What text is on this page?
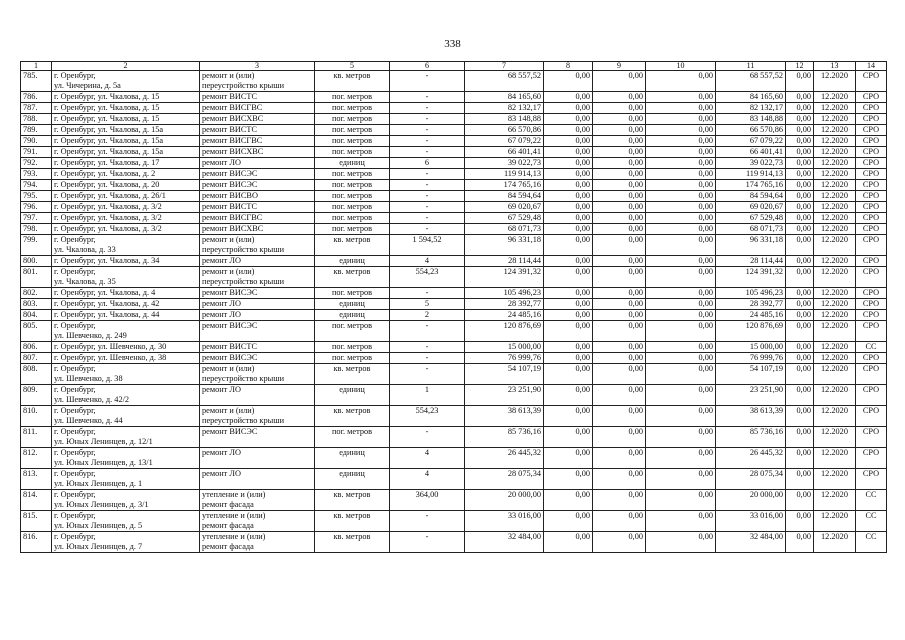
338
1	2	3	5	6	7	8	9	10	11	12	13	14
785.	г. Оренбург,
ул. Чичерина, д. 5а	ремонт и (или)
переустройство крыши	кв. метров	-	68 557,52	0,00	0,00	0,00	68 557,52	0,00	12.2020	СРО
786.	г. Оренбург, ул. Чкалова, д. 15	ремонт ВИСТС	пог. метров	-	84 165,60	0,00	0,00	0,00	84 165,60	0,00	12.2020	СРО
787.	г. Оренбург, ул. Чкалова, д. 15	ремонт ВИСГВС	пог. метров	-	82 132,17	0,00	0,00	0,00	82 132,17	0,00	12.2020	СРО
788.	г. Оренбург, ул. Чкалова, д. 15	ремонт ВИСХВС	пог. метров	-	83 148,88	0,00	0,00	0,00	83 148,88	0,00	12.2020	СРО
789.	г. Оренбург, ул. Чкалова, д. 15а	ремонт ВИСТС	пог. метров	-	66 570,86	0,00	0,00	0,00	66 570,86	0,00	12.2020	СРО
790.	г. Оренбург, ул. Чкалова, д. 15а	ремонт ВИСГВС	пог. метров	-	67 079,22	0,00	0,00	0,00	67 079,22	0,00	12.2020	СРО
791.	г. Оренбург, ул. Чкалова, д. 15а	ремонт ВИСХВС	пог. метров	-	66 401,41	0,00	0,00	0,00	66 401,41	0,00	12.2020	СРО
792.	г. Оренбург, ул. Чкалова, д. 17	ремонт ЛО	единиц	6	39 022,73	0,00	0,00	0,00	39 022,73	0,00	12.2020	СРО
793.	г. Оренбург, ул. Чкалова, д. 2	ремонт ВИСЭС	пог. метров	-	119 914,13	0,00	0,00	0,00	119 914,13	0,00	12.2020	СРО
794.	г. Оренбург, ул. Чкалова, д. 20	ремонт ВИСЭС	пог. метров	-	174 765,16	0,00	0,00	0,00	174 765,16	0,00	12.2020	СРО
795.	г. Оренбург, ул. Чкалова, д. 26/1	ремонт ВИСВО	пог. метров	-	84 594,64	0,00	0,00	0,00	84 594,64	0,00	12.2020	СРО
796.	г. Оренбург, ул. Чкалова, д. 3/2	ремонт ВИСТС	пог. метров	-	69 020,67	0,00	0,00	0,00	69 020,67	0,00	12.2020	СРО
797.	г. Оренбург, ул. Чкалова, д. 3/2	ремонт ВИСГВС	пог. метров	-	67 529,48	0,00	0,00	0,00	67 529,48	0,00	12.2020	СРО
798.	г. Оренбург, ул. Чкалова, д. 3/2	ремонт ВИСХВС	пог. метров	-	68 071,73	0,00	0,00	0,00	68 071,73	0,00	12.2020	СРО
799.	г. Оренбург,
ул. Чкалова, д. 33	ремонт и (или)
переустройство крыши	кв. метров	1 594,52	96 331,18	0,00	0,00	0,00	96 331,18	0,00	12.2020	СРО
800.	г. Оренбург, ул. Чкалова, д. 34	ремонт ЛО	единиц	4	28 114,44	0,00	0,00	0,00	28 114,44	0,00	12.2020	СРО
801.	г. Оренбург,
ул. Чкалова, д. 35	ремонт и (или)
переустройство крыши	кв. метров	554,23	124 391,32	0,00	0,00	0,00	124 391,32	0,00	12.2020	СРО
802.	г. Оренбург, ул. Чкалова, д. 4	ремонт ВИСЭС	пог. метров	-	105 496,23	0,00	0,00	0,00	105 496,23	0,00	12.2020	СРО
803.	г. Оренбург, ул. Чкалова, д. 42	ремонт ЛО	единиц	5	28 392,77	0,00	0,00	0,00	28 392,77	0,00	12.2020	СРО
804.	г. Оренбург, ул. Чкалова, д. 44	ремонт ЛО	единиц	2	24 485,16	0,00	0,00	0,00	24 485,16	0,00	12.2020	СРО
805.	г. Оренбург,
ул. Шевченко, д. 249	ремонт ВИСЭС	пог. метров	-	120 876,69	0,00	0,00	0,00	120 876,69	0,00	12.2020	СРО
806.	г. Оренбург, ул. Шевченко, д. 30	ремонт ВИСТС	пог. метров	-	15 000,00	0,00	0,00	0,00	15 000,00	0,00	12.2020	СС
807.	г. Оренбург, ул. Шевченко, д. 38	ремонт ВИСЭС	пог. метров	-	76 999,76	0,00	0,00	0,00	76 999,76	0,00	12.2020	СРО
808.	г. Оренбург,
ул. Шевченко, д. 38	ремонт и (или)
переустройство крыши	кв. метров	-	54 107,19	0,00	0,00	0,00	54 107,19	0,00	12.2020	СРО
809.	г. Оренбург,
ул. Шевченко, д. 42/2	ремонт ЛО	единиц	1	23 251,90	0,00	0,00	0,00	23 251,90	0,00	12.2020	СРО
810.	г. Оренбург,
ул. Шевченко, д. 44	ремонт и (или)
переустройство крыши	кв. метров	554,23	38 613,39	0,00	0,00	0,00	38 613,39	0,00	12.2020	СРО
811.	г. Оренбург,
ул. Юных Ленинцев, д. 12/1	ремонт ВИСЭС	пог. метров	-	85 736,16	0,00	0,00	0,00	85 736,16	0,00	12.2020	СРО
812.	г. Оренбург,
ул. Юных Ленинцев, д. 13/1	ремонт ЛО	единиц	4	26 445,32	0,00	0,00	0,00	26 445,32	0,00	12.2020	СРО
813.	г. Оренбург,
ул. Юных Ленинцев, д. 1	ремонт ЛО	единиц	4	28 075,34	0,00	0,00	0,00	28 075,34	0,00	12.2020	СРО
814.	г. Оренбург,
ул. Юных Ленинцев, д. 3/1	утепление и (или)
ремонт фасада	кв. метров	364,00	20 000,00	0,00	0,00	0,00	20 000,00	0,00	12.2020	СС
815.	г. Оренбург,
ул. Юных Ленинцев, д. 5	утепление и (или)
ремонт фасада	кв. метров	-	33 016,00	0,00	0,00	0,00	33 016,00	0,00	12.2020	СС
816.	г. Оренбург,
ул. Юных Ленинцев, д. 7	утепление и (или)
ремонт фасада	кв. метров	-	32 484,00	0,00	0,00	0,00	32 484,00	0,00	12.2020	СС
